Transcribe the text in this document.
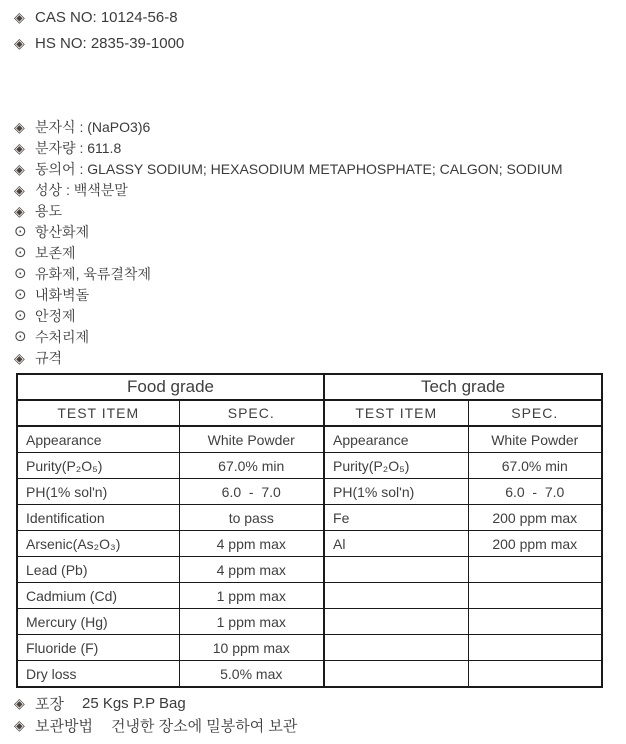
◈ CAS NO: 10124-56-8
◈ HS NO: 2835-39-1000
◈ 분자식 : (NaPO3)6
◈ 분자량 : 611.8
◈ 동의어 : GLASSY SODIUM; HEXASODIUM METAPHOSPHATE; CALGON; SODIUM
◈ 성상 : 백색분말
◈ 용도
⊙ 항산화제
⊙ 보존제
⊙ 유화제, 육류결착제
⊙ 내화벽돌
⊙ 안정제
⊙ 수처리제
◈ 규격
Food grade		Tech grade	
TEST ITEM	SPEC.	TEST ITEM	SPEC.
Appearance	White Powder	Appearance	White Powder
Purity(P₂O₅)	67.0% min	Purity(P₂O₅)	67.0% min
PH(1% sol'n)	6.0  -  7.0	PH(1% sol'n)	6.0  -  7.0
Identification	to pass	Fe	200 ppm max
Arsenic(As₂O₃)	4 ppm max	Al	200 ppm max
Lead (Pb)	4 ppm max		
Cadmium (Cd)	1 ppm max		
Mercury (Hg)	1 ppm max		
Fluoride (F)	10 ppm max		
Dry loss	5.0% max		
◈ 포장 25 Kgs P.P Bag
◈ 보관방법 건냉한 장소에 밀봉하여 보관
